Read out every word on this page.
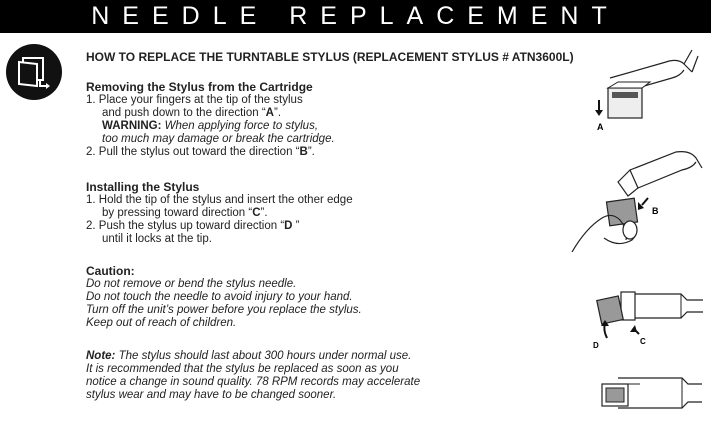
NEEDLE REPLACEMENT
HOW TO REPLACE THE TURNTABLE STYLUS (REPLACEMENT STYLUS # ATN3600L)
Removing the Stylus from the Cartridge
1. Place your fingers at the tip of the stylus
and push down to the direction “A”.
WARNING: When applying force to stylus,
too much may damage or break the cartridge.
2. Pull the stylus out toward the direction “B”.
Installing the Stylus
1. Hold the tip of the stylus and insert the other edge
by pressing toward direction “C”.
2. Push the stylus up toward direction “D ”
until it locks at the tip.
Caution:
Do not remove or bend the stylus needle.
Do not touch the needle to avoid injury to your hand.
Turn off the unit’s power before you replace the stylus.
Keep out of reach of children.
Note: The stylus should last about 300 hours under normal use.
It is recommended that the stylus be replaced as soon as you
notice a change in sound quality. 78 RPM records may accelerate
stylus wear and may have to be changed sooner.
A
B
D	C
